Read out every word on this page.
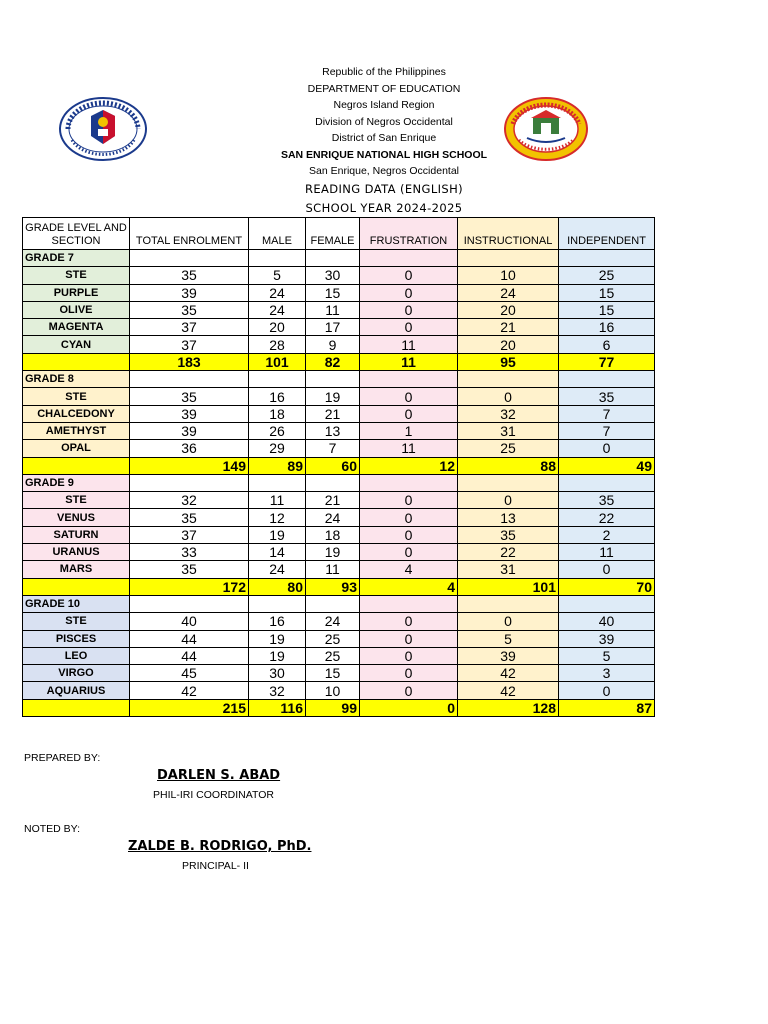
Republic of the Philippines
DEPARTMENT OF EDUCATION
Negros Island Region
Division of Negros Occidental
District of San Enrique
SAN ENRIQUE NATIONAL HIGH SCHOOL
San Enrique, Negros Occidental
READING DATA (ENGLISH)
SCHOOL YEAR 2024-2025
GRADE LEVEL AND SECTION	TOTAL ENROLMENT	MALE	FEMALE	FRUSTRATION	INSTRUCTIONAL	INDEPENDENT
GRADE 7						
STE	35	5	30	0	10	25
PURPLE	39	24	15	0	24	15
OLIVE	35	24	11	0	20	15
MAGENTA	37	20	17	0	21	16
CYAN	37	28	9	11	20	6
	183	101	82	11	95	77
GRADE 8						
STE	35	16	19	0	0	35
CHALCEDONY	39	18	21	0	32	7
AMETHYST	39	26	13	1	31	7
OPAL	36	29	7	11	25	0
	149	89	60	12	88	49
GRADE 9						
STE	32	11	21	0	0	35
VENUS	35	12	24	0	13	22
SATURN	37	19	18	0	35	2
URANUS	33	14	19	0	22	11
MARS	35	24	11	4	31	0
	172	80	93	4	101	70
GRADE 10						
STE	40	16	24	0	0	40
PISCES	44	19	25	0	5	39
LEO	44	19	25	0	39	5
VIRGO	45	30	15	0	42	3
AQUARIUS	42	32	10	0	42	0
	215	116	99	0	128	87
PREPARED BY:
DARLEN S. ABAD
PHIL-IRI COORDINATOR
NOTED BY:
ZALDE B. RODRIGO, PhD.
PRINCIPAL- II
